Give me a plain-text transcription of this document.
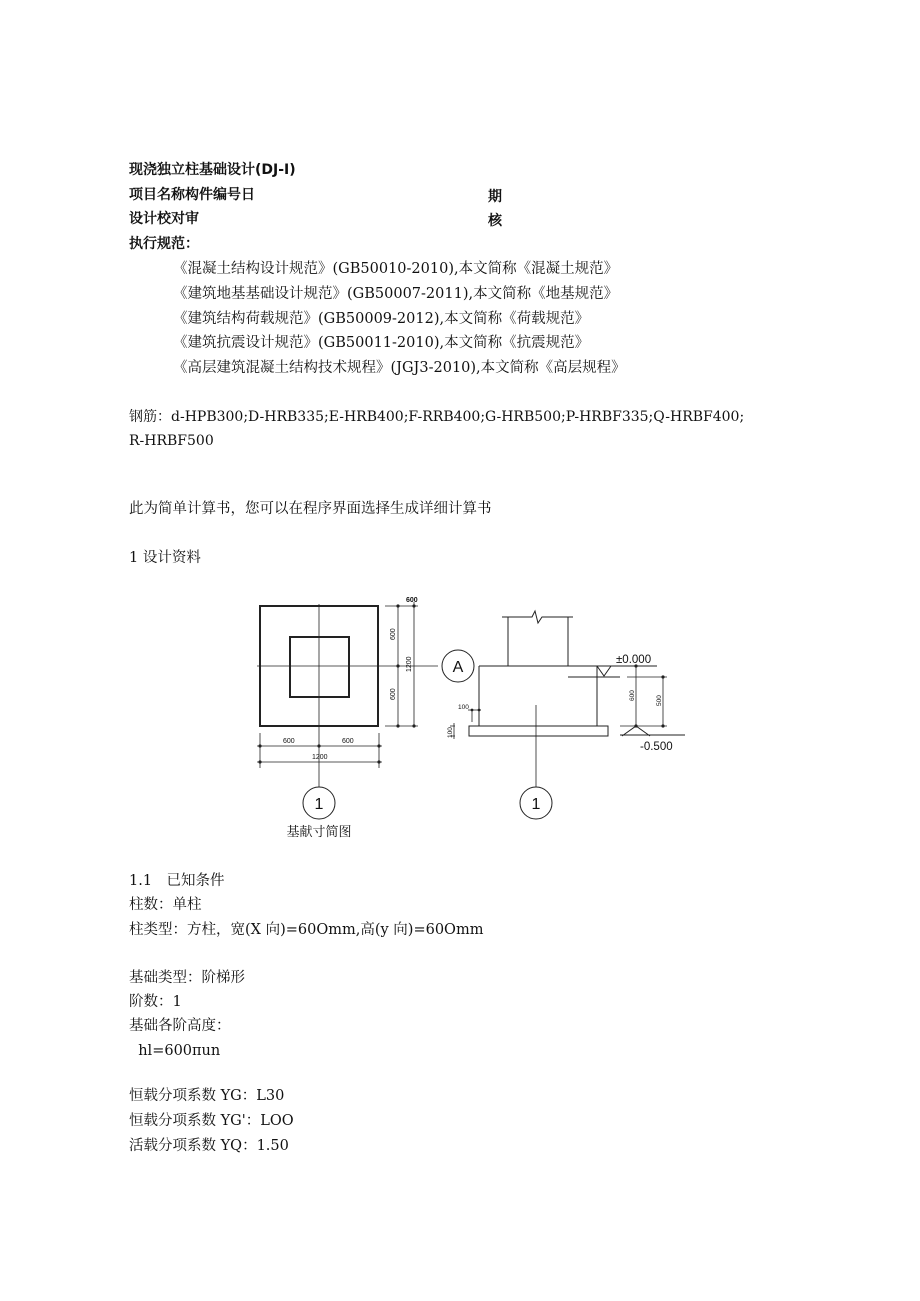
现浇独立柱基础设计(DJ-I)
项目名称构件编号日	期
设计校对审	核
执行规范：
《混凝土结构设计规范》(GB50010-2010),本文简称《混凝土规范》
《建筑地基基础设计规范》(GB50007-2011),本文简称《地基规范》
《建筑结构荷载规范》(GB50009-2012),本文简称《荷载规范》
《建筑抗震设计规范》(GB50011-2010),本文简称《抗震规范》
《高层建筑混凝土结构技术规程》(JGJ3-2010),本文简称《高层规程》
钢筋：d-HPB300;D-HRB335;E-HRB400;F-RRB400;G-HRB500;P-HRBF335;Q-HRBF400;
R-HRBF500
此为简单计算书，您可以在程序界面选择生成详细计算书
1 设计资料
600
600
600
1200
600	600
1200
A
1
基献寸简图
1
100
100
600	500
±0.000
-0.500
1.1　已知条件
柱数：单柱
柱类型：方柱，宽(X 向)=60Omm,高(y 向)=60Omm
基础类型：阶梯形
阶数：1
基础各阶高度：
hl=600πun
恒载分项系数 YG：L30
恒载分项系数 YG'：LOO
活载分项系数 YQ：1.50
